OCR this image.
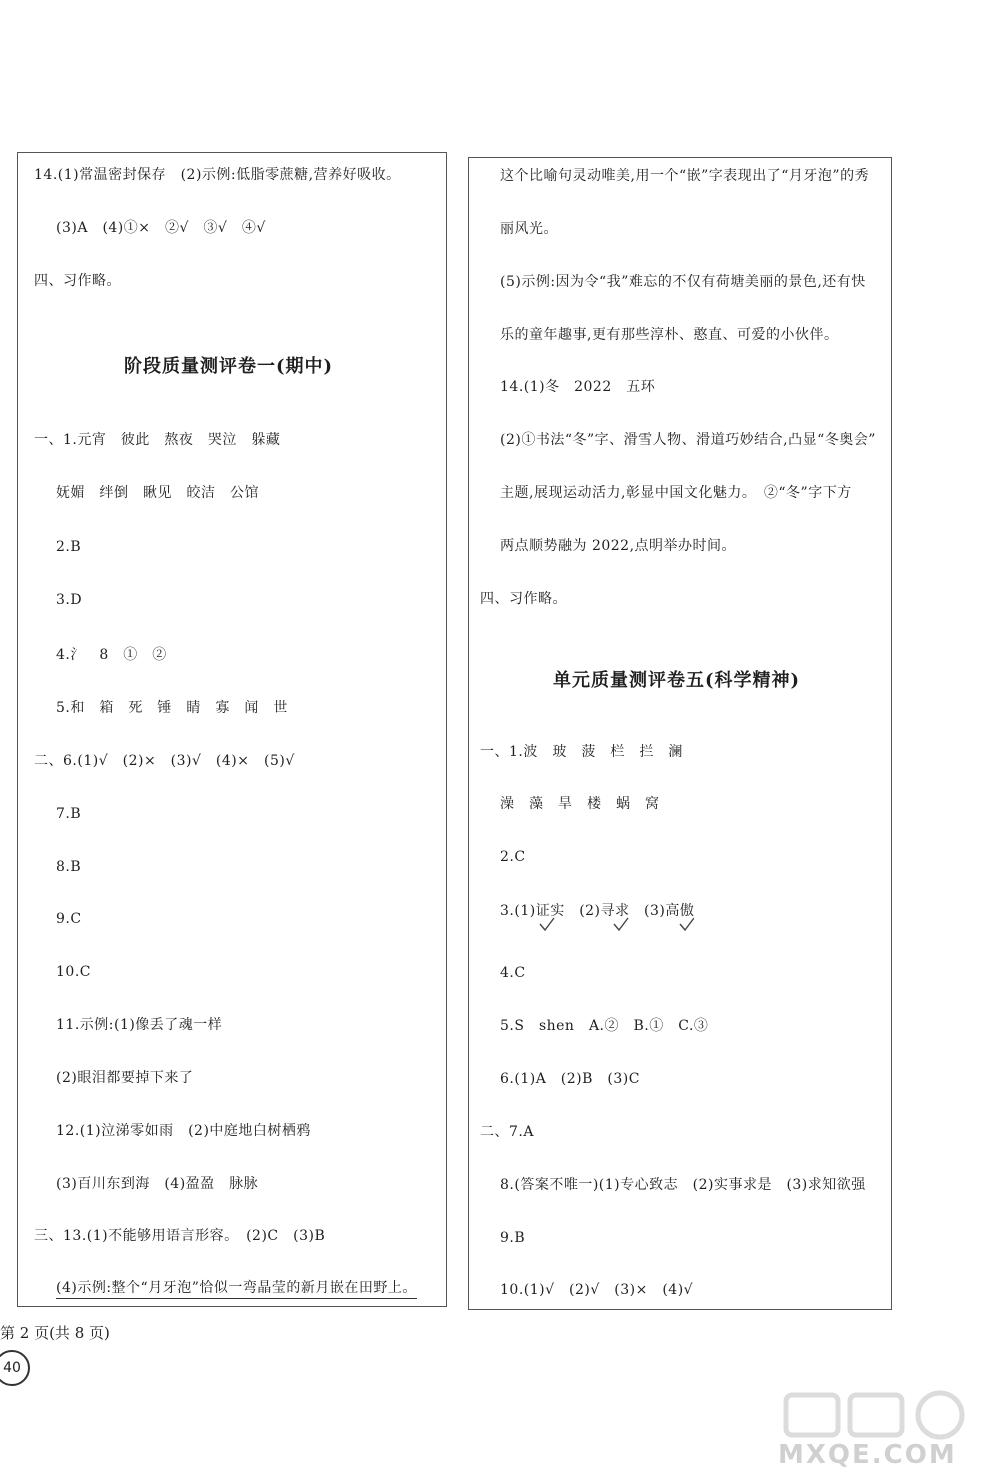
14.(1)常温密封保存　(2)示例:低脂零蔗糖,营养好吸收。
(3)A　(4)①×　②√　③√　④√
四、习作略。
阶段质量测评卷一(期中)
一、1.元宵　彼此　熬夜　哭泣　躲藏
妩媚　绊倒　瞅见　皎洁　公馆
2.B
3.D
4.氵　8　①　②
5.和　箱　死　锤　睛　寡　闻　世
二、6.(1)√　(2)×　(3)√　(4)×　(5)√
7.B
8.B
9.C
10.C
11.示例:(1)像丢了魂一样
(2)眼泪都要掉下来了
12.(1)泣涕零如雨　(2)中庭地白树栖鸦
(3)百川东到海　(4)盈盈　脉脉
三、13.(1)不能够用语言形容。　(2)C　(3)B
(4)示例:整个“月牙泡”恰似一弯晶莹的新月嵌在田野上。
这个比喻句灵动唯美,用一个“嵌”字表现出了“月牙泡”的秀
丽风光。
(5)示例:因为令“我”难忘的不仅有荷塘美丽的景色,还有快
乐的童年趣事,更有那些淳朴、憨直、可爱的小伙伴。
14.(1)冬　2022　五环
(2)①书法“冬”字、滑雪人物、滑道巧妙结合,凸显“冬奥会”
主题,展现运动活力,彰显中国文化魅力。　②“冬”字下方
两点顺势融为 2022,点明举办时间。
四、习作略。
单元质量测评卷五(科学精神)
一、1.波　玻　菠　栏　拦　澜
澡　藻　旱　楼　蜗　窝
2.C
3.(1)证实　(2)寻求　(3)高傲
4.C
5.S　shen　A.②　B.①　C.③
6.(1)A　(2)B　(3)C
二、7.A
8.(答案不唯一)(1)专心致志　(2)实事求是　(3)求知欲强
9.B
10.(1)√　(2)√　(3)×　(4)√
第 2 页(共 8 页)
40
MXQE.COM
